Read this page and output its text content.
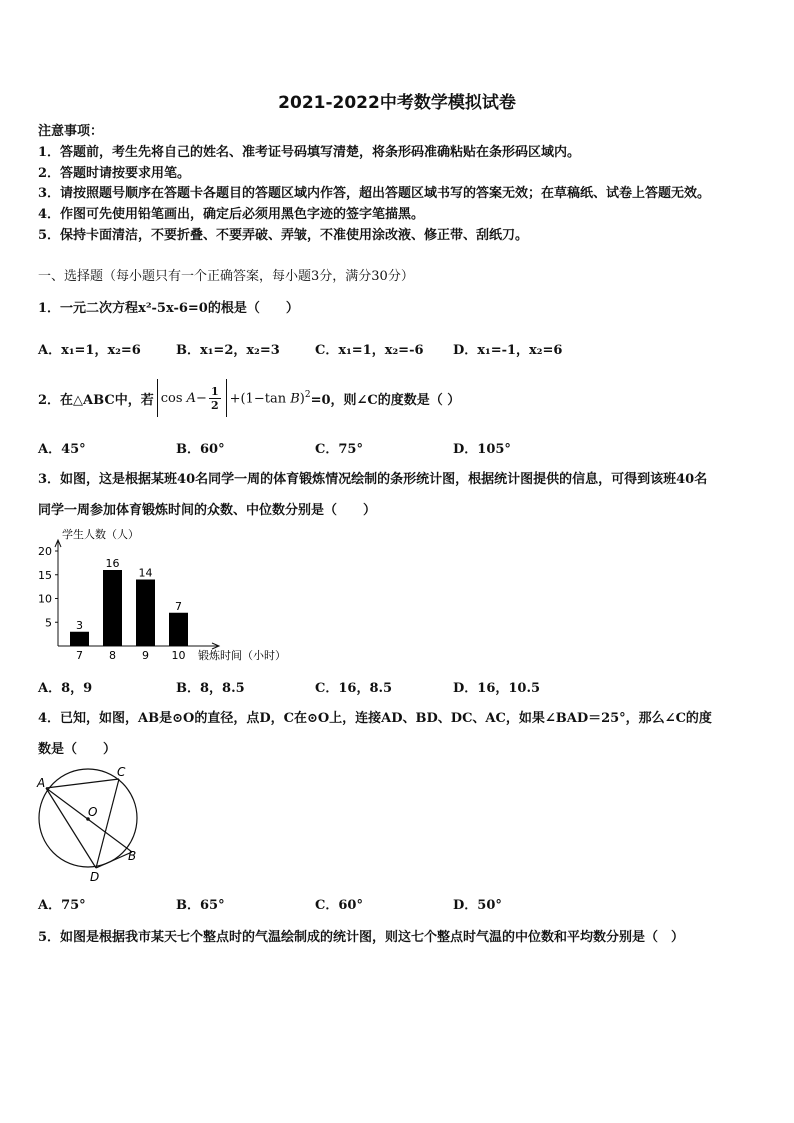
2021-2022中考数学模拟试卷
注意事项：
1．答题前，考生先将自己的姓名、准考证号码填写清楚，将条形码准确粘贴在条形码区域内。
2．答题时请按要求用笔。
3．请按照题号顺序在答题卡各题目的答题区域内作答，超出答题区域书写的答案无效；在草稿纸、试卷上答题无效。
4．作图可先使用铅笔画出，确定后必须用黑色字迹的签字笔描黑。
5．保持卡面清洁，不要折叠、不要弄破、弄皱，不准使用涂改液、修正带、刮纸刀。
一、选择题（每小题只有一个正确答案，每小题3分，满分30分）
1．一元二次方程x²-5x-6=0的根是（　　）
A．x₁=1，x₂=6	B．x₁=2，x₂=3	C．x₁=1，x₂=-6 D．x₁=-1，x₂=6
2．在△ABC中，若 $\cos A- \frac{1}{2} +(1-\tan$ B)$^2$ =0，则∠C的度数是（ ）
A．45°	B．60°	C．75°	D．105°
3．如图，这是根据某班40名同学一周的体育锻炼情况绘制的条形统计图，根据统计图提供的信息，可得到该班40名
同学一周参加体育锻炼时间的众数、中位数分别是（　　）
学生人数（人）
锻炼时间（小时）
5
10
15
20
3
7
16
8
14
9
7
10
A．8，9	B．8，8.5	C．16，8.5	D．16，10.5
4．已知，如图，AB是⊙O的直径，点D，C在⊙O上，连接AD、BD、DC、AC，如果∠BAD＝25°，那么∠C的度
数是（　　）
A
C
O
B
D
A．75°	B．65°	C．60°	D．50°
5．如图是根据我市某天七个整点时的气温绘制成的统计图，则这七个整点时气温的中位数和平均数分别是（　）
